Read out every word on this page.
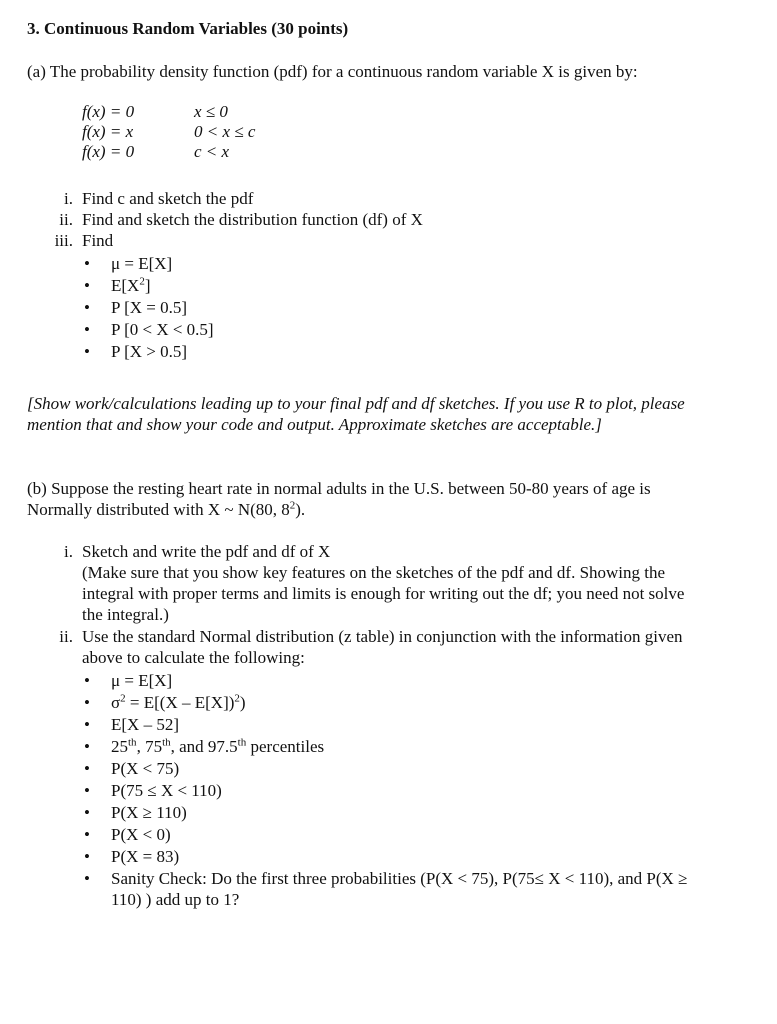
3. Continuous Random Variables (30 points)
(a) The probability density function (pdf) for a continuous random variable X is given by:
f(x) = 0	x ≤ 0
f(x) = x	0 < x ≤ c
f(x) = 0	c < x
i. Find c and sketch the pdf
ii. Find and sketch the distribution function (df) of X
iii. Find
• μ = E[X]
• $E[X^2]$
• P [X = 0.5]
• P [0 < X < 0.5]
• P [X > 0.5]
[Show work/calculations leading up to your final pdf and df sketches. If you use R to plot, please mention that and show your code and output. Approximate sketches are acceptable.]
(b) Suppose the resting heart rate in normal adults in the U.S. between 50-80 years of age is Normally distributed with X ~ N(80, $8^2$).
i. Sketch and write the pdf and df of X
(Make sure that you show key features on the sketches of the pdf and df. Showing the integral with proper terms and limits is enough for writing out the df; you need not solve the integral.)
ii. Use the standard Normal distribution (z table) in conjunction with the information given above to calculate the following:
• μ = E[X]
• $\sigma^2 = E[(X - E[X])^2)$
• E[X – 52]
• 25th, 75th, and 97.5th percentiles
• P(X < 75)
• P(75 ≤ X < 110)
• P(X ≥ 110)
• P(X < 0)
• P(X = 83)
• Sanity Check: Do the first three probabilities (P(X < 75), P(75≤ X < 110), and P(X ≥ 110) ) add up to 1?
